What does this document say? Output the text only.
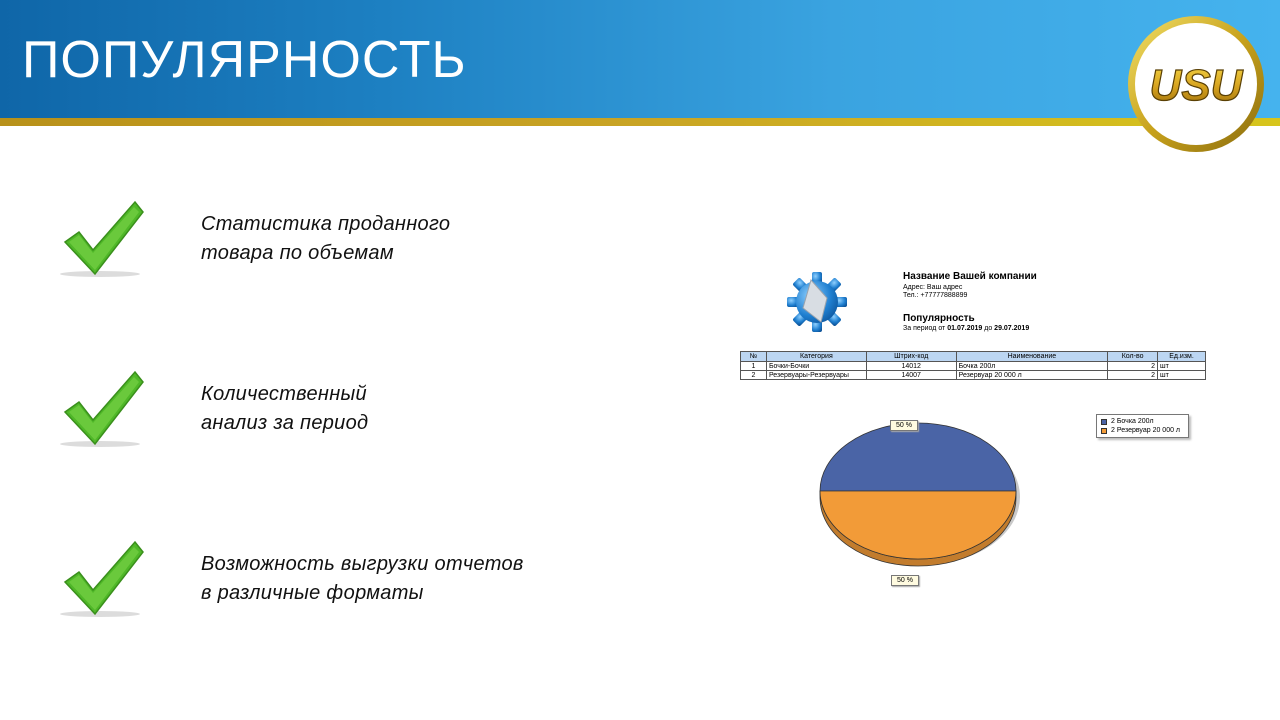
ПОПУЛЯРНОСТЬ	USU
Статистика проданного
товара по объемам
Количественный
анализ за период
Возможность выгрузки отчетов
в различные форматы
Название Вашей компании
Адрес: Ваш адрес
Тел.: +77777888899
Популярность
За период от 01.07.2019 до 29.07.2019
№	Категория	Штрих-код	Наименование	Кол-во	Ед.изм.
1	Бочки-Бочки	14012	Бочка 200л	2	шт
2	Резервуары-Резервуары	14007	Резервуар 20 000 л	2	шт
50 %
50 %
2 Бочка 200л
2 Резервуар 20 000 л
